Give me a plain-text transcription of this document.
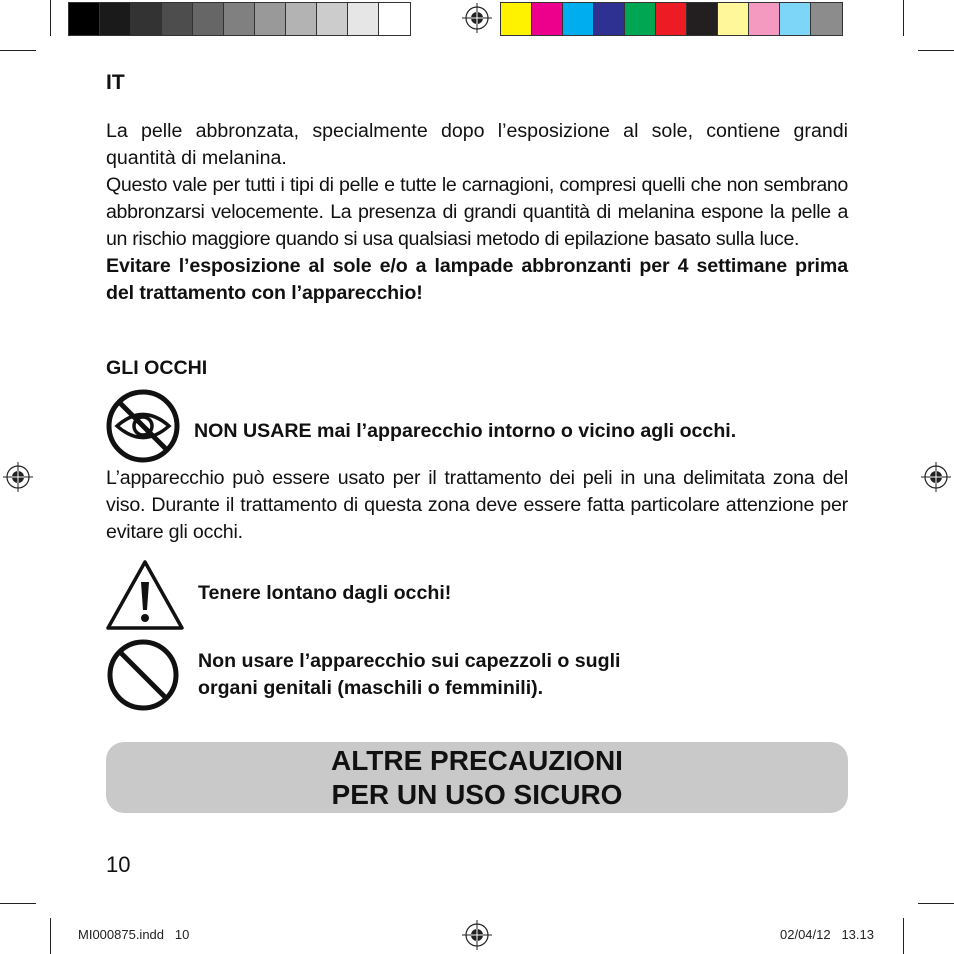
IT
La pelle abbronzata, specialmente dopo l’esposizione al sole, contiene grandi quantità di melanina.
Questo vale per tutti i tipi di pelle e tutte le carnagioni, compresi quelli che non sembrano abbronzarsi velocemente. La presenza di grandi quantità di melanina espone la pelle a un rischio maggiore quando si usa qualsiasi metodo di epilazione basato sulla luce.
Evitare l’esposizione al sole e/o a lampade abbronzanti per 4 settimane prima del trattamento con l’apparecchio!
GLI OCCHI
NON USARE mai l’apparecchio intorno o vicino agli occhi.
L’apparecchio può essere usato per il trattamento dei peli in una delimitata zona del viso. Durante il trattamento di questa zona deve essere fatta particolare attenzione per evitare gli occhi.
Tenere lontano dagli occhi!
Non usare l’apparecchio sui capezzoli o sugli
organi genitali (maschili o femminili).
ALTRE PRECAUZIONI
PER UN USO SICURO
10
MI000875.indd   10	02/04/12   13.13
